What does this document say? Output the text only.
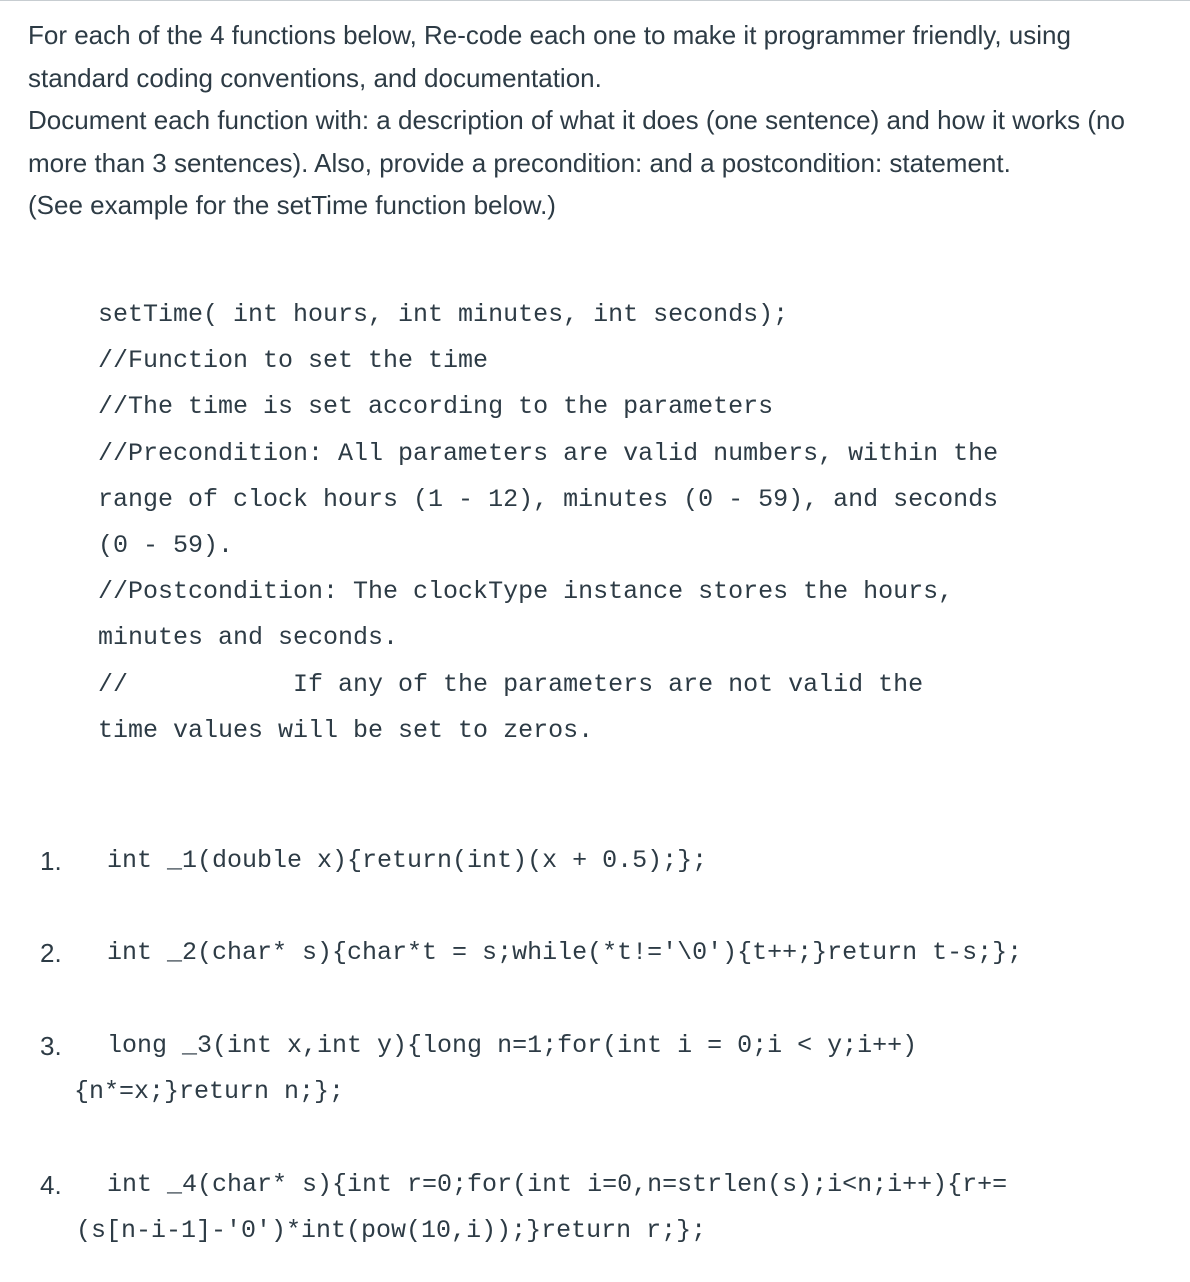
For each of the 4 functions below, Re-code each one to make it programmer friendly, using standard coding conventions, and documentation.

Document each function with: a description of what it does (one sentence) and how it works (no more than 3 sentences). Also, provide a precondition: and a postcondition: statement.

(See example for the setTime function below.)

setTime( int hours, int minutes, int seconds);
//Function to set the time
//The time is set according to the parameters
//Precondition: All parameters are valid numbers, within the
range of clock hours (1 - 12), minutes (0 - 59), and seconds
(0 - 59).
//Postcondition: The clockType instance stores the hours,
minutes and seconds.
//           If any of the parameters are not valid the
time values will be set to zeros.
1. int _1(double x){return(int)(x + 0.5);};
2. int _2(char* s){char*t = s;while(*t!='\0'){t++;}return t-s;};
3. long _3(int x,int y){long n=1;for(int i = 0;i < y;i++)
{n*=x;}return n;};
4. int _4(char* s){int r=0;for(int i=0,n=strlen(s);i<n;i++){r+=
(s[n-i-1]-'0')*int(pow(10,i));}return r;};
